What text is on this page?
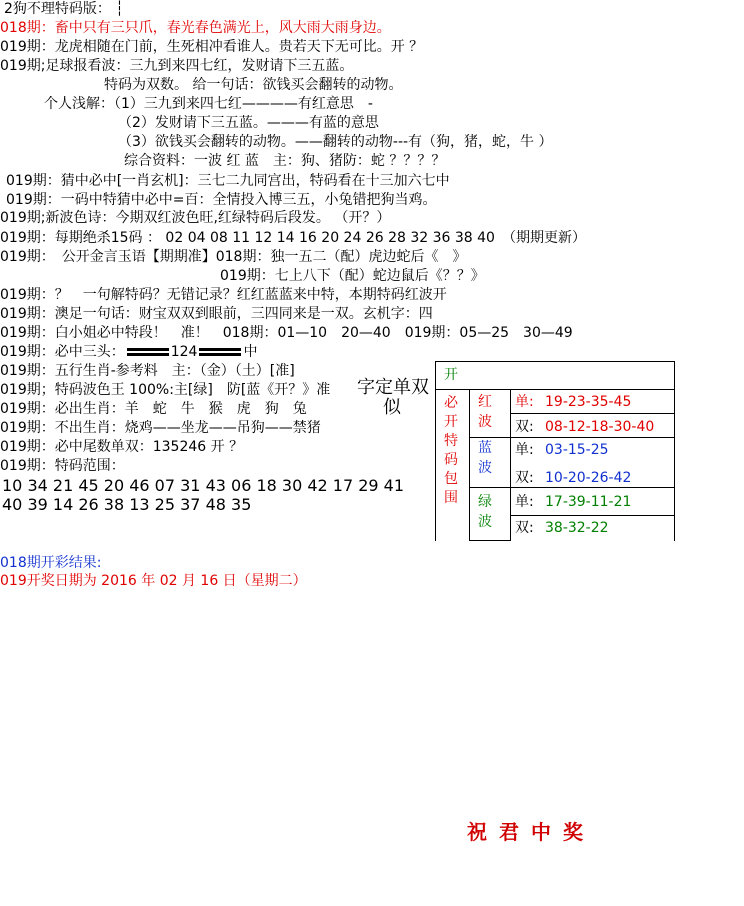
2狗不理特码版： ┆
018期：畜中只有三只爪，春光春色满光上，风大雨大雨身边。
019期：龙虎相随在门前，生死相冲看谁人。贵若天下无可比。开 ？
019期;足球报看波：三九到来四七红，发财请下三五蓝。
特码为双数。 给一句话：欲钱买会翻转的动物。
个人浅解：（1）三九到来四七红————有红意思　-
（2）发财请下三五蓝。———有蓝的意思
（3）欲钱买会翻转的动物。——翻转的动物---有（狗，猪，蛇，牛 ）
综合资料：一波 红 蓝　主：狗、猪防：蛇 ？？？？
019期：猜中必中[一肖玄机]：三七二九同宫出，特码看在十三加六七中
019期：一码中特猜中必中=百：全情投入博三五，小兔错把狗当鸡。
019期;新波色诗：今期双红波色旺,红绿特码后段发。 （开？）
019期：每期绝杀15码 ： 02 04 08 11 12 14 16 20 24 26 28 32 36 38 40　（期期更新）
019期：　公开金言玉语【期期准】018期：独一五二（配）虎边蛇后《　》
019期：七上八下（配）蛇边鼠后《？？》
019期：？　一句解特码？无错记录？红红蓝蓝来中特，本期特码红波开
019期：澳足一句话：财宝双双到眼前，三四同来是一双。玄机字：四
019期：白小姐必中特段！　准！　018期：01—10　20—40　019期：05—25　30—49
019期：必中三头：	124	中
019期：五行生肖-参考料　主：（金）（土）[准]
019期；特码波色王 100%:主[绿]　防[蓝《开？》准
019期：必出生肖：羊　蛇　牛　猴　虎　狗　兔
019期：不出生肖：烧鸡——坐龙——吊狗——禁猪
019期：必中尾数单双：135246 开 ？
019期：特码范围：
10 34 21 45 20 46 07 31 43 06 18 30 42 17 29 41
40 39 14 26 38 13 25 37 48 35
字定单双
似
开
必开特码包围
红波
蓝波
绿波
单: 19-23-35-45
双: 08-12-18-30-40
单: 03-15-25
双: 10-20-26-42
单: 17-39-11-21
双: 38-32-22
018期开彩结果:
019开奖日期为 2016 年 02 月 16 日（星期二）
祝君中奖
